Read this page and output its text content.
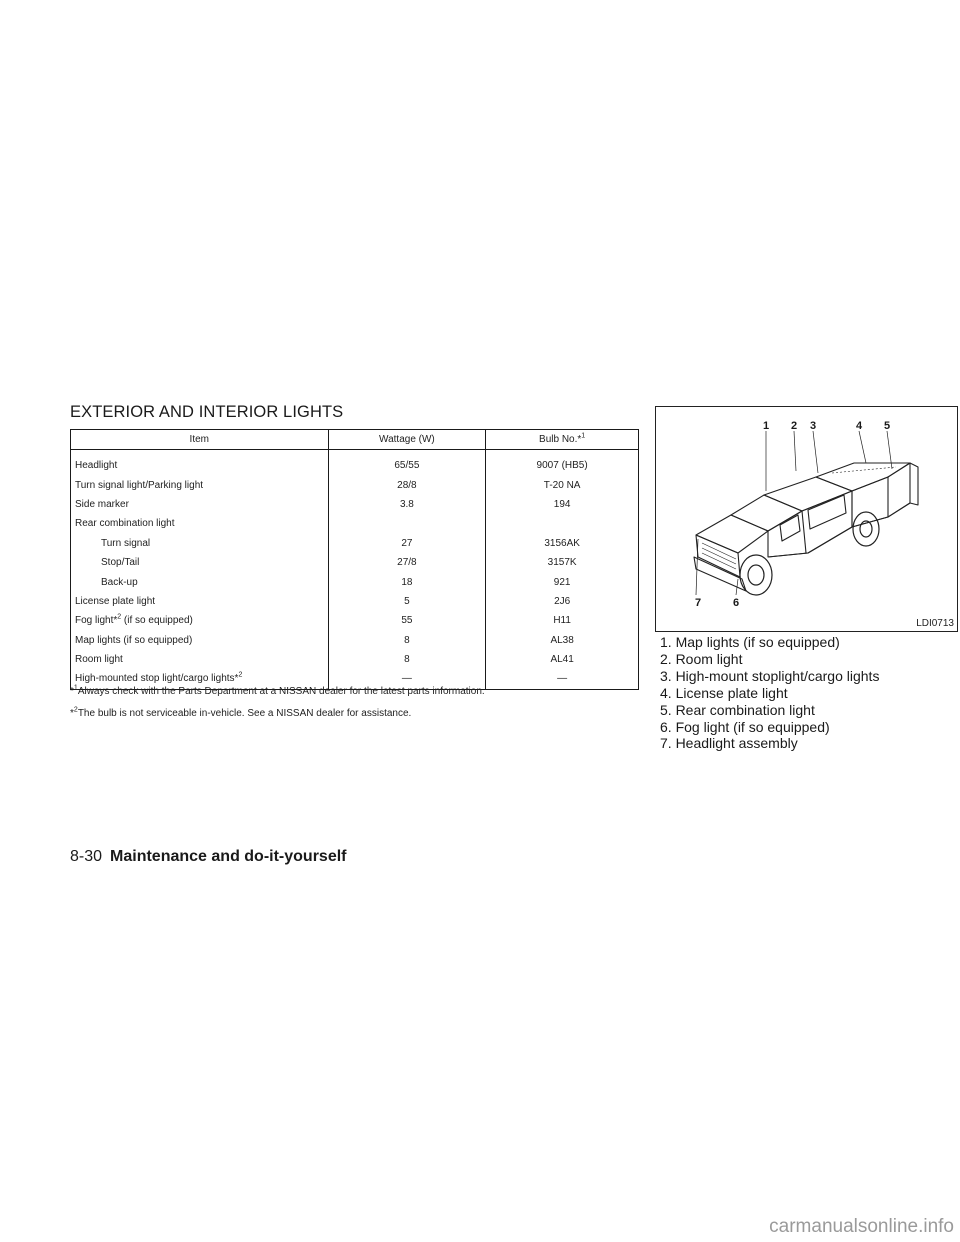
EXTERIOR AND INTERIOR LIGHTS
Item	Wattage (W)	Bulb No.*$^1$
Headlight	65/55	9007 (HB5)
Turn signal light/Parking light	28/8	T-20 NA
Side marker	3.8	194
Rear combination light		
Turn signal	27	3156AK
Stop/Tail	27/8	3157K
Back-up	18	921
License plate light	5	2J6
Fog light*$^2$ (if so equipped)	55	H11
Map lights (if so equipped)	8	AL38
Room light	8	AL41
High-mounted stop light/cargo lights*$^2$	—	—
*$^1$Always check with the Parts Department at a NISSAN dealer for the latest parts information.
*$^2$The bulb is not serviceable in-vehicle. See a NISSAN dealer for assistance.
1 2 3	4 5
6
7
LDI0713
1. Map lights (if so equipped)
2. Room light
3. High-mount stoplight/cargo lights
4. License plate light
5. Rear combination light
6. Fog light (if so equipped)
7. Headlight assembly
8-30 Maintenance and do-it-yourself
carmanualsonline.info
